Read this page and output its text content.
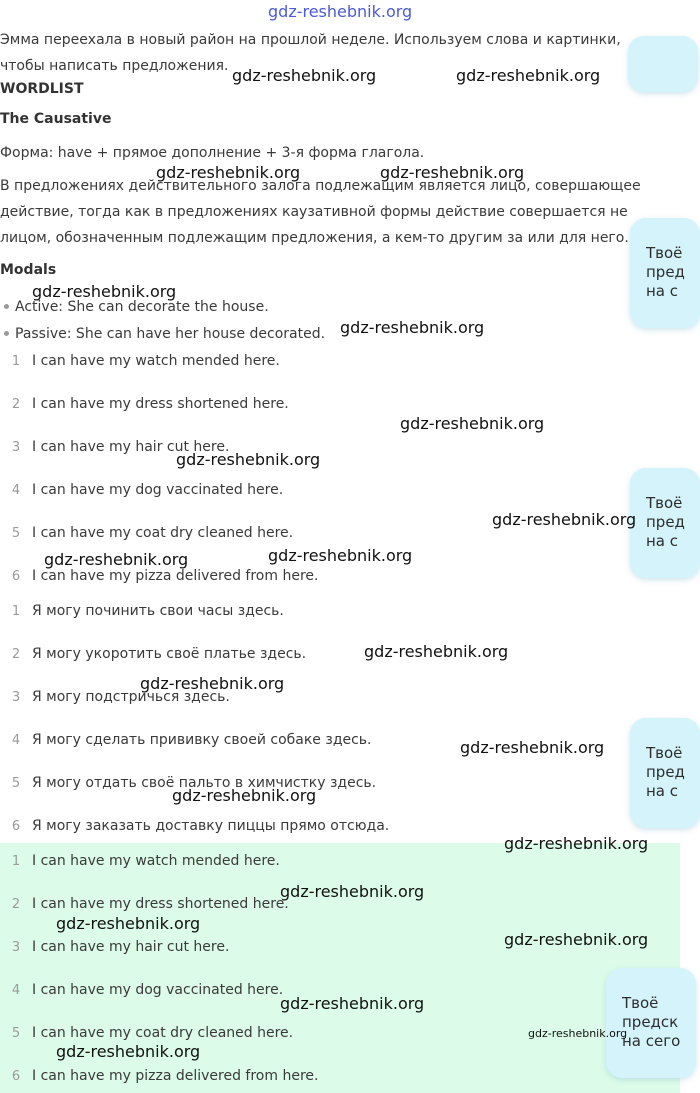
Эмма переехала в новый район на прошлой неделе. Используем слова и картинки, чтобы написать предложения.
WORDLIST
The Causative
Форма: have + прямое дополнение + 3-я форма глагола.
В предложениях действительного залога подлежащим является лицо, совершающее действие, тогда как в предложениях каузативной формы действие совершается не лицом, обозначенным подлежащим предложения, а кем-то другим за или для него.
Modals
Active: She can decorate the house.
Passive: She can have her house decorated.
1 I can have my watch mended here.
2 I can have my dress shortened here.
3 I can have my hair cut here.
4 I can have my dog vaccinated here.
5 I can have my coat dry cleaned here.
6 I can have my pizza delivered from here.
1 Я могу починить свои часы здесь.
2 Я могу укоротить своё платье здесь.
3 Я могу подстричься здесь.
4 Я могу сделать прививку своей собаке здесь.
5 Я могу отдать своё пальто в химчистку здесь.
6 Я могу заказать доставку пиццы прямо отсюда.
1 I can have my watch mended here.
2 I can have my dress shortened here.
3 I can have my hair cut here.
4 I can have my dog vaccinated here.
5 I can have my coat dry cleaned here.
6 I can have my pizza delivered from here.
Твоё
пред
на с
Твоё
пред
на с
Твоё
пред
на с
Твоё
предск
на сего
gdz-reshebnik.org
gdz-reshebnik.org	gdz-reshebnik.org
gdz-reshebnik.org	gdz-reshebnik.org
gdz-reshebnik.org
gdz-reshebnik.org
gdz-reshebnik.org
gdz-reshebnik.org
gdz-reshebnik.org
gdz-reshebnik.org
gdz-reshebnik.org
gdz-reshebnik.org
gdz-reshebnik.org
gdz-reshebnik.org
gdz-reshebnik.org
gdz-reshebnik.org
gdz-reshebnik.org
gdz-reshebnik.org
gdz-reshebnik.org
gdz-reshebnik.org
gdz-reshebnik.org
gdz-reshebnik.org
